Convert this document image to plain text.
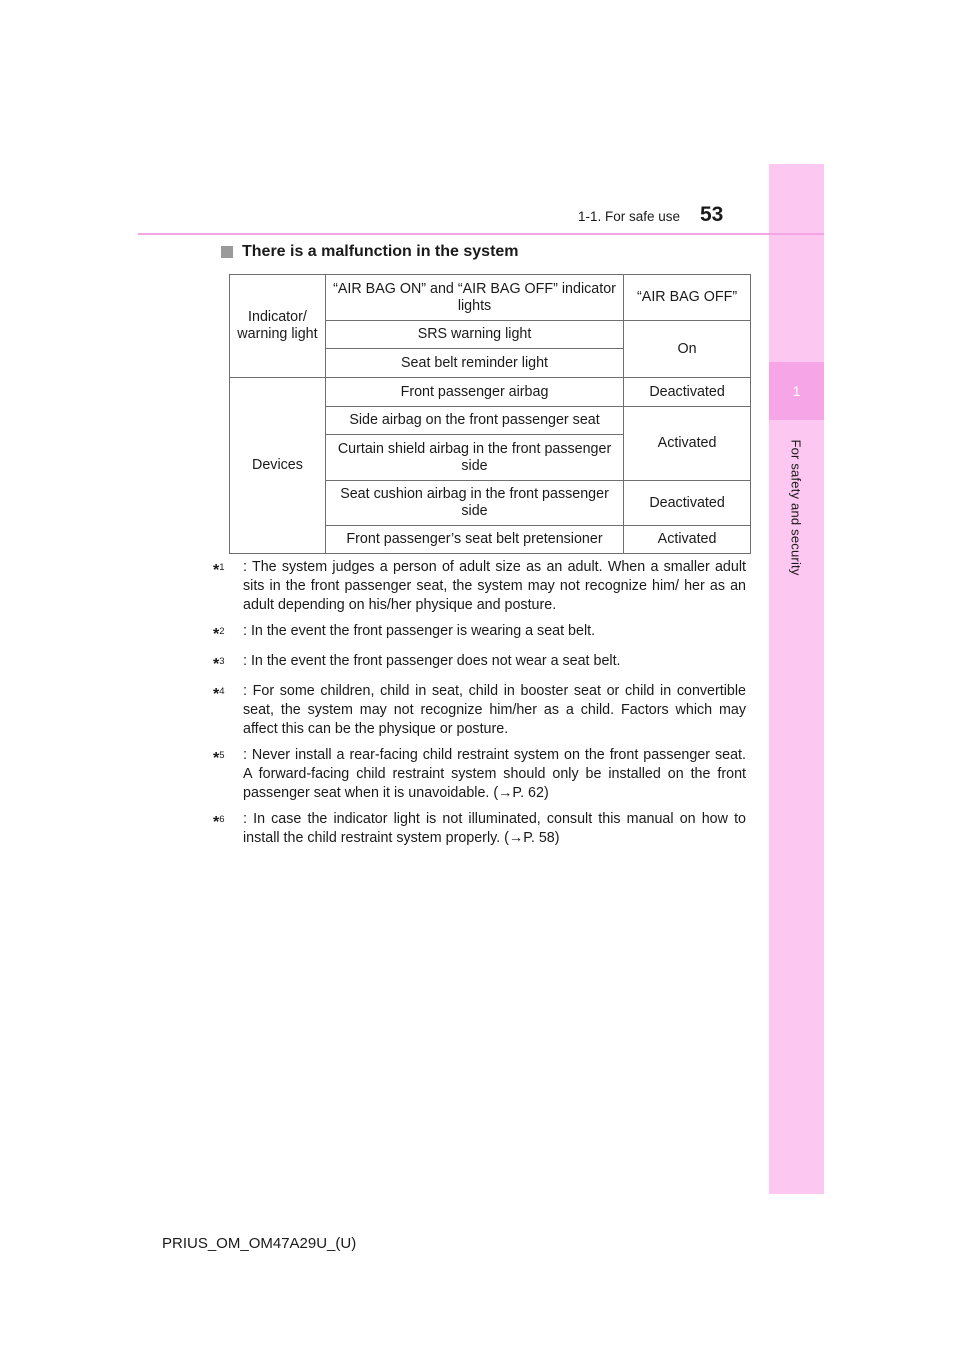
1
For safety and security
1-1. For safe use 53
There is a malfunction in the system
Indicator/ warning light	“AIR BAG ON” and “AIR BAG OFF” indicator lights	“AIR BAG OFF”
	SRS warning light	On
	Seat belt reminder light	
Devices	Front passenger airbag	Deactivated
	Side airbag on the front passenger seat	Activated
	Curtain shield airbag in the front passenger side	
	Seat cushion airbag in the front passenger side	Deactivated
	Front passenger’s seat belt pretensioner	Activated
*$^1$	: The system judges a person of adult size as an adult. When a smaller adult sits in the front passenger seat, the system may not recognize him/ her as an adult depending on his/her physique and posture.
*$^2$	: In the event the front passenger is wearing a seat belt.
*$^3$	: In the event the front passenger does not wear a seat belt.
*$^4$	: For some children, child in seat, child in booster seat or child in convertible seat, the system may not recognize him/her as a child. Factors which may affect this can be the physique or posture.
*$^5$	: Never install a rear-facing child restraint system on the front passenger seat. A forward-facing child restraint system should only be installed on the front passenger seat when it is unavoidable. (→P. 62)
*$^6$	: In case the indicator light is not illuminated, consult this manual on how to install the child restraint system properly. (→P. 58)
PRIUS_OM_OM47A29U_(U)
